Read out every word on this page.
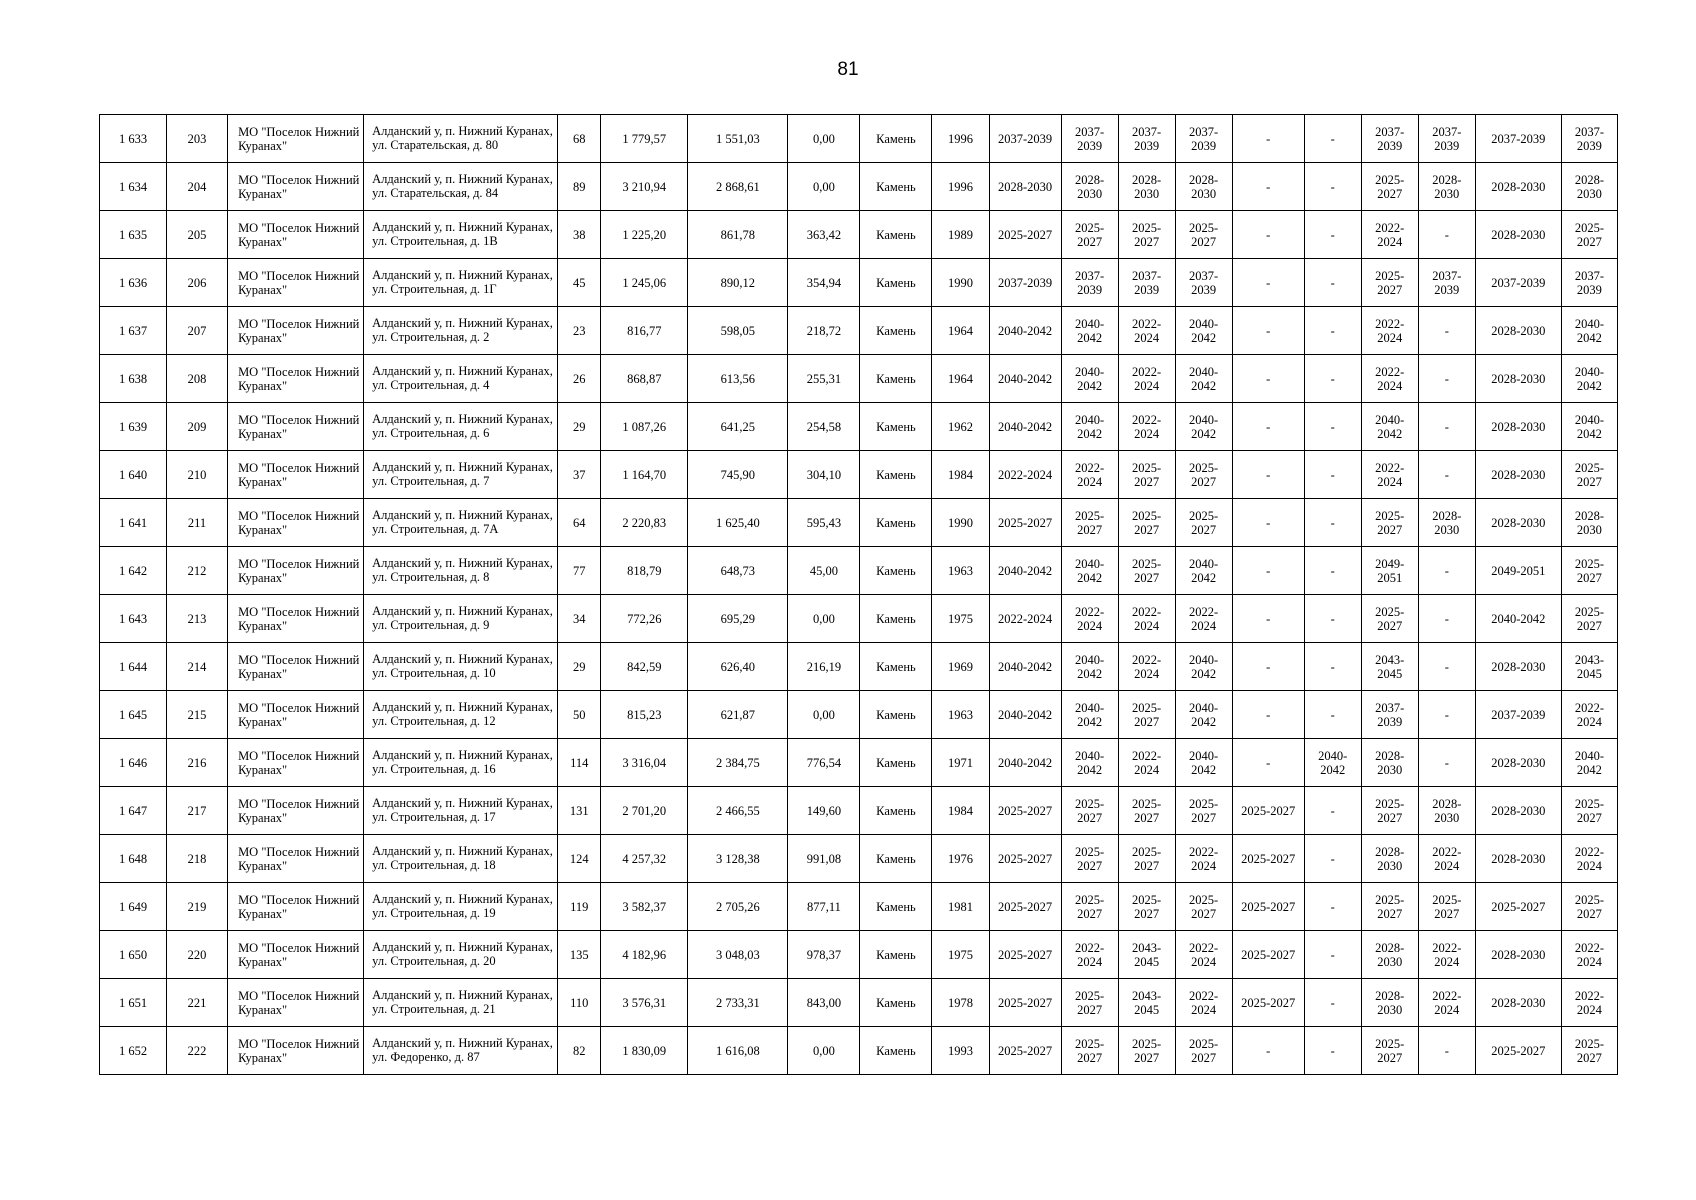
81
1 633	203	МО "Поселок Нижний Куранах"	Алданский у, п. Нижний Куранах, ул. Старательская, д. 80	68	1 779,57	1 551,03	0,00	Камень	1996	2037-2039	2037-2039	2037-2039	2037-2039	-	-	2037-2039	2037-2039	2037-2039	2037-2039
1 634	204	МО "Поселок Нижний Куранах"	Алданский у, п. Нижний Куранах, ул. Старательская, д. 84	89	3 210,94	2 868,61	0,00	Камень	1996	2028-2030	2028-2030	2028-2030	2028-2030	-	-	2025-2027	2028-2030	2028-2030	2028-2030
1 635	205	МО "Поселок Нижний Куранах"	Алданский у, п. Нижний Куранах, ул. Строительная, д. 1В	38	1 225,20	861,78	363,42	Камень	1989	2025-2027	2025-2027	2025-2027	2025-2027	-	-	2022-2024	-	2028-2030	2025-2027
1 636	206	МО "Поселок Нижний Куранах"	Алданский у, п. Нижний Куранах, ул. Строительная, д. 1Г	45	1 245,06	890,12	354,94	Камень	1990	2037-2039	2037-2039	2037-2039	2037-2039	-	-	2025-2027	2037-2039	2037-2039	2037-2039
1 637	207	МО "Поселок Нижний Куранах"	Алданский у, п. Нижний Куранах, ул. Строительная, д. 2	23	816,77	598,05	218,72	Камень	1964	2040-2042	2040-2042	2022-2024	2040-2042	-	-	2022-2024	-	2028-2030	2040-2042
1 638	208	МО "Поселок Нижний Куранах"	Алданский у, п. Нижний Куранах, ул. Строительная, д. 4	26	868,87	613,56	255,31	Камень	1964	2040-2042	2040-2042	2022-2024	2040-2042	-	-	2022-2024	-	2028-2030	2040-2042
1 639	209	МО "Поселок Нижний Куранах"	Алданский у, п. Нижний Куранах, ул. Строительная, д. 6	29	1 087,26	641,25	254,58	Камень	1962	2040-2042	2040-2042	2022-2024	2040-2042	-	-	2040-2042	-	2028-2030	2040-2042
1 640	210	МО "Поселок Нижний Куранах"	Алданский у, п. Нижний Куранах, ул. Строительная, д. 7	37	1 164,70	745,90	304,10	Камень	1984	2022-2024	2022-2024	2025-2027	2025-2027	-	-	2022-2024	-	2028-2030	2025-2027
1 641	211	МО "Поселок Нижний Куранах"	Алданский у, п. Нижний Куранах, ул. Строительная, д. 7А	64	2 220,83	1 625,40	595,43	Камень	1990	2025-2027	2025-2027	2025-2027	2025-2027	-	-	2025-2027	2028-2030	2028-2030	2028-2030
1 642	212	МО "Поселок Нижний Куранах"	Алданский у, п. Нижний Куранах, ул. Строительная, д. 8	77	818,79	648,73	45,00	Камень	1963	2040-2042	2040-2042	2025-2027	2040-2042	-	-	2049-2051	-	2049-2051	2025-2027
1 643	213	МО "Поселок Нижний Куранах"	Алданский у, п. Нижний Куранах, ул. Строительная, д. 9	34	772,26	695,29	0,00	Камень	1975	2022-2024	2022-2024	2022-2024	2022-2024	-	-	2025-2027	-	2040-2042	2025-2027
1 644	214	МО "Поселок Нижний Куранах"	Алданский у, п. Нижний Куранах, ул. Строительная, д. 10	29	842,59	626,40	216,19	Камень	1969	2040-2042	2040-2042	2022-2024	2040-2042	-	-	2043-2045	-	2028-2030	2043-2045
1 645	215	МО "Поселок Нижний Куранах"	Алданский у, п. Нижний Куранах, ул. Строительная, д. 12	50	815,23	621,87	0,00	Камень	1963	2040-2042	2040-2042	2025-2027	2040-2042	-	-	2037-2039	-	2037-2039	2022-2024
1 646	216	МО "Поселок Нижний Куранах"	Алданский у, п. Нижний Куранах, ул. Строительная, д. 16	114	3 316,04	2 384,75	776,54	Камень	1971	2040-2042	2040-2042	2022-2024	2040-2042	-	2040-2042	2028-2030	-	2028-2030	2040-2042
1 647	217	МО "Поселок Нижний Куранах"	Алданский у, п. Нижний Куранах, ул. Строительная, д. 17	131	2 701,20	2 466,55	149,60	Камень	1984	2025-2027	2025-2027	2025-2027	2025-2027	2025-2027	-	2025-2027	2028-2030	2028-2030	2025-2027
1 648	218	МО "Поселок Нижний Куранах"	Алданский у, п. Нижний Куранах, ул. Строительная, д. 18	124	4 257,32	3 128,38	991,08	Камень	1976	2025-2027	2025-2027	2025-2027	2022-2024	2025-2027	-	2028-2030	2022-2024	2028-2030	2022-2024
1 649	219	МО "Поселок Нижний Куранах"	Алданский у, п. Нижний Куранах, ул. Строительная, д. 19	119	3 582,37	2 705,26	877,11	Камень	1981	2025-2027	2025-2027	2025-2027	2025-2027	2025-2027	-	2025-2027	2025-2027	2025-2027	2025-2027
1 650	220	МО "Поселок Нижний Куранах"	Алданский у, п. Нижний Куранах, ул. Строительная, д. 20	135	4 182,96	3 048,03	978,37	Камень	1975	2025-2027	2022-2024	2043-2045	2022-2024	2025-2027	-	2028-2030	2022-2024	2028-2030	2022-2024
1 651	221	МО "Поселок Нижний Куранах"	Алданский у, п. Нижний Куранах, ул. Строительная, д. 21	110	3 576,31	2 733,31	843,00	Камень	1978	2025-2027	2025-2027	2043-2045	2022-2024	2025-2027	-	2028-2030	2022-2024	2028-2030	2022-2024
1 652	222	МО "Поселок Нижний Куранах"	Алданский у, п. Нижний Куранах, ул. Федоренко, д. 87	82	1 830,09	1 616,08	0,00	Камень	1993	2025-2027	2025-2027	2025-2027	2025-2027	-	-	2025-2027	-	2025-2027	2025-2027
